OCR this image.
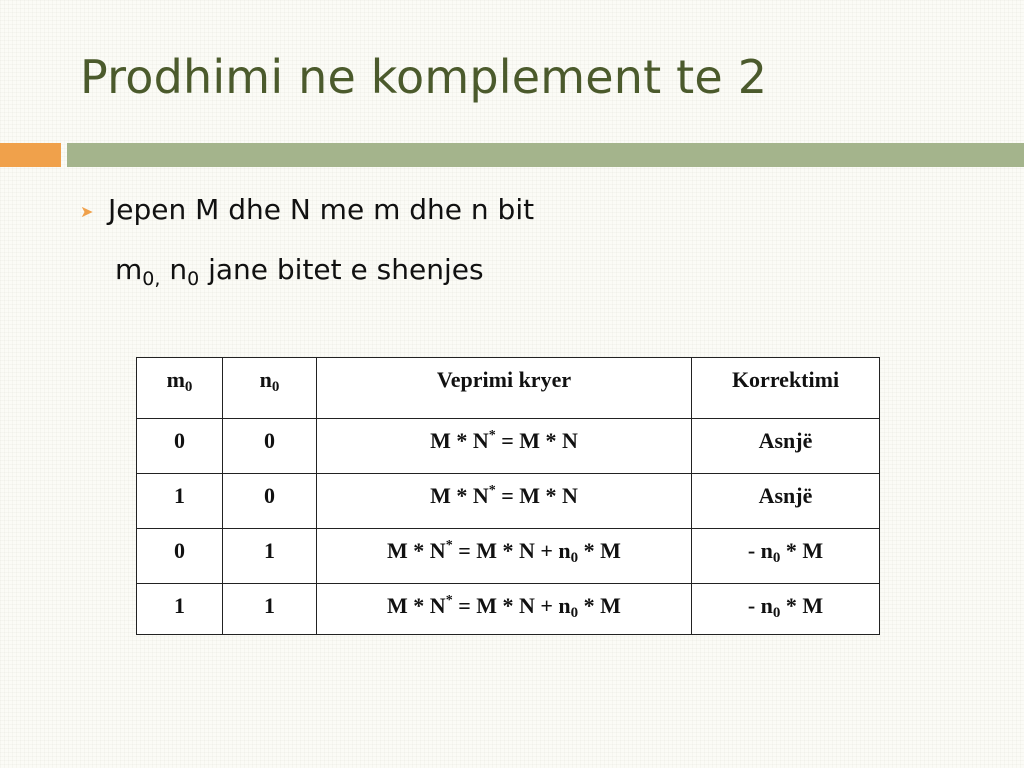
Prodhimi ne komplement te 2
➤ Jepen M dhe N me m dhe n bit
$m_{0,}$ $n_0$ jane bitet e shenjes
$m_0$	$n_0$	Veprimi kryer	Korrektimi
0	0	M * N* = M * N	Asnjë
1	0	M * N* = M * N	Asnjë
0	1	$M * N^* = M * N + n_0 * M$	- $n_0$ * M
1	1	$M * N^* = M * N + n_0 * M$	- $n_0$ * M
